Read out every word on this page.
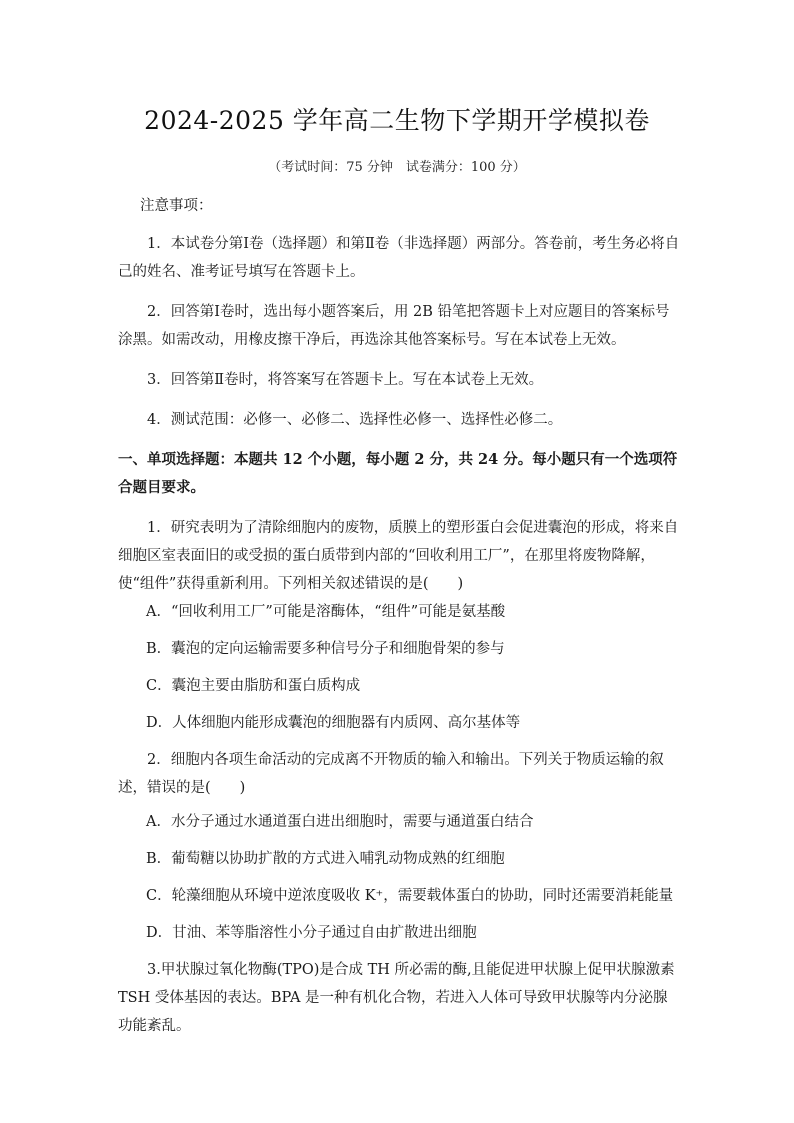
2024-2025 学年高二生物下学期开学模拟卷
（考试时间：75 分钟　试卷满分：100 分）

注意事项：

1．本试卷分第Ⅰ卷（选择题）和第Ⅱ卷（非选择题）两部分。答卷前，考生务必将自己的姓名、准考证号填写在答题卡上。

2．回答第Ⅰ卷时，选出每小题答案后，用 2B 铅笔把答题卡上对应题目的答案标号涂黑。如需改动，用橡皮擦干净后，再选涂其他答案标号。写在本试卷上无效。

3．回答第Ⅱ卷时，将答案写在答题卡上。写在本试卷上无效。

4．测试范围：必修一、必修二、选择性必修一、选择性必修二。

一、单项选择题：本题共 12 个小题，每小题 2 分，共 24 分。每小题只有一个选项符合题目要求。

1．研究表明为了清除细胞内的废物，质膜上的塑形蛋白会促进囊泡的形成，将来自细胞区室表面旧的或受损的蛋白质带到内部的“回收利用工厂”，在那里将废物降解，使“组件”获得重新利用。下列相关叙述错误的是(　　)

A．“回收利用工厂”可能是溶酶体，“组件”可能是氨基酸

B．囊泡的定向运输需要多种信号分子和细胞骨架的参与

C．囊泡主要由脂肪和蛋白质构成

D．人体细胞内能形成囊泡的细胞器有内质网、高尔基体等

2．细胞内各项生命活动的完成离不开物质的输入和输出。下列关于物质运输的叙述，错误的是(　　)

A．水分子通过水通道蛋白进出细胞时，需要与通道蛋白结合

B．葡萄糖以协助扩散的方式进入哺乳动物成熟的红细胞

C．轮藻细胞从环境中逆浓度吸收 K⁺，需要载体蛋白的协助，同时还需要消耗能量

D．甘油、苯等脂溶性小分子通过自由扩散进出细胞

3.甲状腺过氧化物酶(TPO)是合成 TH 所必需的酶,且能促进甲状腺上促甲状腺激素 TSH 受体基因的表达。BPA 是一种有机化合物，若进入人体可导致甲状腺等内分泌腺功能紊乱。
